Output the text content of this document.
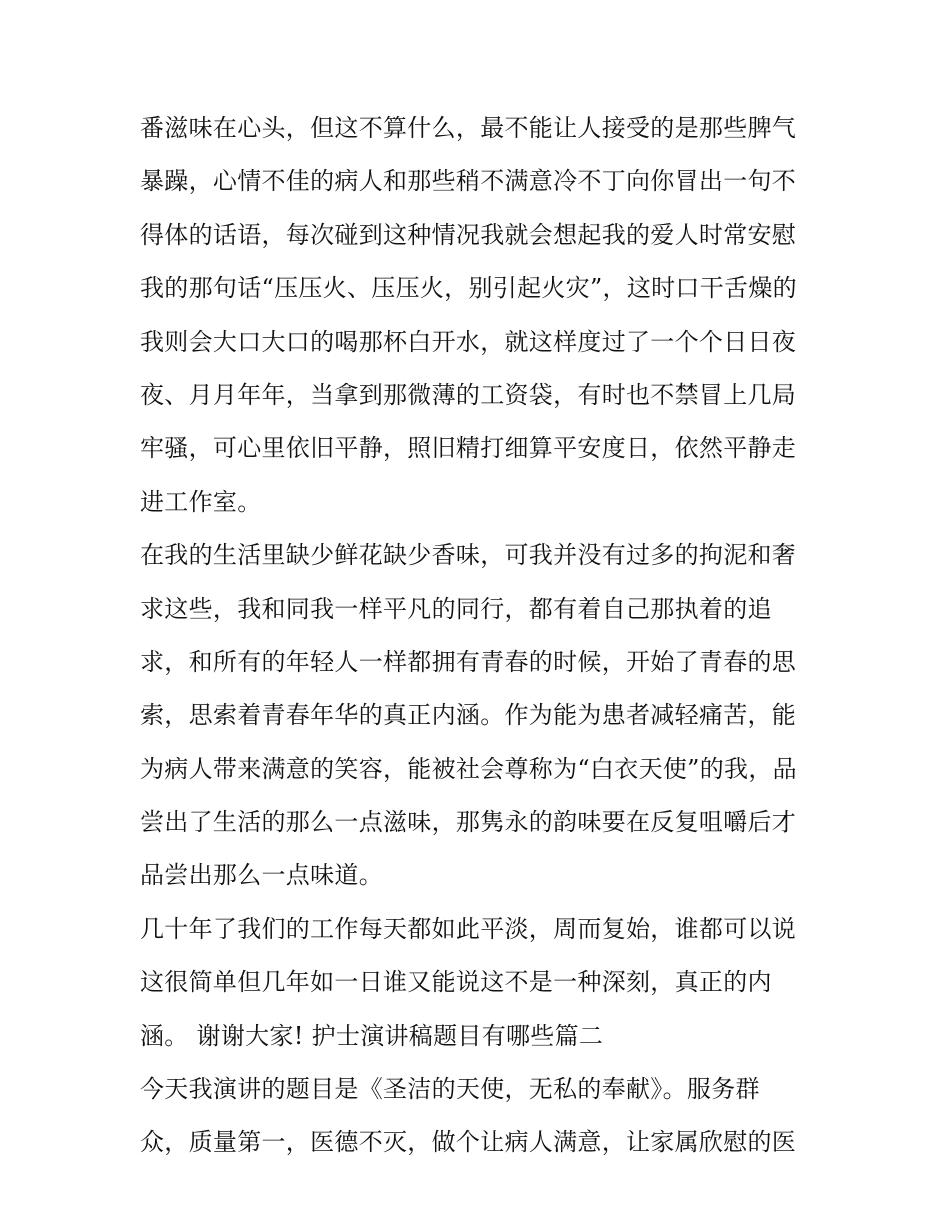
番滋味在心头，但这不算什么，最不能让人接受的是那些脾气
暴躁，心情不佳的病人和那些稍不满意冷不丁向你冒出一句不
得体的话语，每次碰到这种情况我就会想起我的爱人时常安慰
我的那句话“压压火、压压火，别引起火灾”，这时口干舌燥的
我则会大口大口的喝那杯白开水，就这样度过了一个个日日夜
夜、月月年年，当拿到那微薄的工资袋，有时也不禁冒上几局
牢骚，可心里依旧平静，照旧精打细算平安度日，依然平静走
进工作室。
在我的生活里缺少鲜花缺少香味，可我并没有过多的拘泥和奢
求这些，我和同我一样平凡的同行，都有着自己那执着的追
求，和所有的年轻人一样都拥有青春的时候，开始了青春的思
索，思索着青春年华的真正内涵。作为能为患者减轻痛苦，能
为病人带来满意的笑容，能被社会尊称为“白衣天使”的我，品
尝出了生活的那么一点滋味，那隽永的韵味要在反复咀嚼后才
品尝出那么一点味道。
几十年了我们的工作每天都如此平淡，周而复始，谁都可以说
这很简单但几年如一日谁又能说这不是一种深刻，真正的内
涵。 谢谢大家! 护士演讲稿题目有哪些篇二
今天我演讲的题目是《圣洁的天使，无私的奉献》。服务群
众，质量第一，医德不灭，做个让病人满意，让家属欣慰的医
